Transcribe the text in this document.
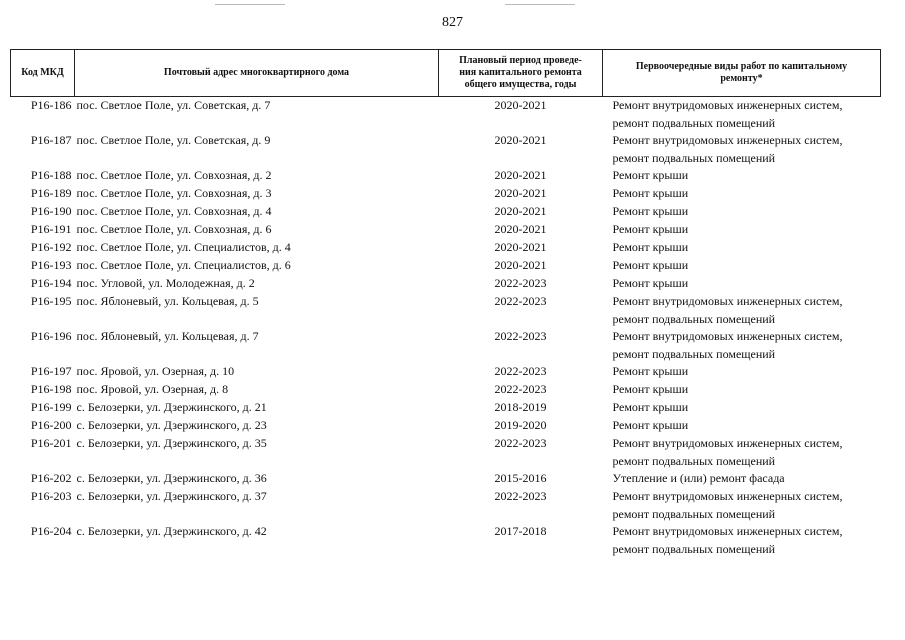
827
Код МКД	Почтовый адрес многоквартирного дома	Плановый период проведе-
ния капитального ремонта
общего имущества, годы	Первоочередные виды работ по капитальному
ремонту*
Р16-186	пос. Светлое Поле, ул. Советская, д. 7	2020-2021	Ремонт внутридомовых инженерных систем,
ремонт подвальных помещений

Р16-187	пос. Светлое Поле, ул. Советская, д. 9	2020-2021	Ремонт внутридомовых инженерных систем,
ремонт подвальных помещений

Р16-188	пос. Светлое Поле, ул. Совхозная, д. 2	2020-2021	Ремонт крыши

Р16-189	пос. Светлое Поле, ул. Совхозная, д. 3	2020-2021	Ремонт крыши

Р16-190	пос. Светлое Поле, ул. Совхозная, д. 4	2020-2021	Ремонт крыши

Р16-191	пос. Светлое Поле, ул. Совхозная, д. 6	2020-2021	Ремонт крыши

Р16-192	пос. Светлое Поле, ул. Специалистов, д. 4	2020-2021	Ремонт крыши

Р16-193	пос. Светлое Поле, ул. Специалистов, д. 6	2020-2021	Ремонт крыши

Р16-194	пос. Угловой, ул. Молодежная, д. 2	2022-2023	Ремонт крыши

Р16-195	пос. Яблоневый, ул. Кольцевая, д. 5	2022-2023	Ремонт внутридомовых инженерных систем,
ремонт подвальных помещений

Р16-196	пос. Яблоневый, ул. Кольцевая, д. 7	2022-2023	Ремонт внутридомовых инженерных систем,
ремонт подвальных помещений

Р16-197	пос. Яровой, ул. Озерная, д. 10	2022-2023	Ремонт крыши

Р16-198	пос. Яровой, ул. Озерная, д. 8	2022-2023	Ремонт крыши

Р16-199	с. Белозерки, ул. Дзержинского, д. 21	2018-2019	Ремонт крыши

Р16-200	с. Белозерки, ул. Дзержинского, д. 23	2019-2020	Ремонт крыши

Р16-201	с. Белозерки, ул. Дзержинского, д. 35	2022-2023	Ремонт внутридомовых инженерных систем,
ремонт подвальных помещений

Р16-202	с. Белозерки, ул. Дзержинского, д. 36	2015-2016	Утепление и (или) ремонт фасада

Р16-203	с. Белозерки, ул. Дзержинского, д. 37	2022-2023	Ремонт внутридомовых инженерных систем,
ремонт подвальных помещений

Р16-204	с. Белозерки, ул. Дзержинского, д. 42	2017-2018	Ремонт внутридомовых инженерных систем,
ремонт подвальных помещений
